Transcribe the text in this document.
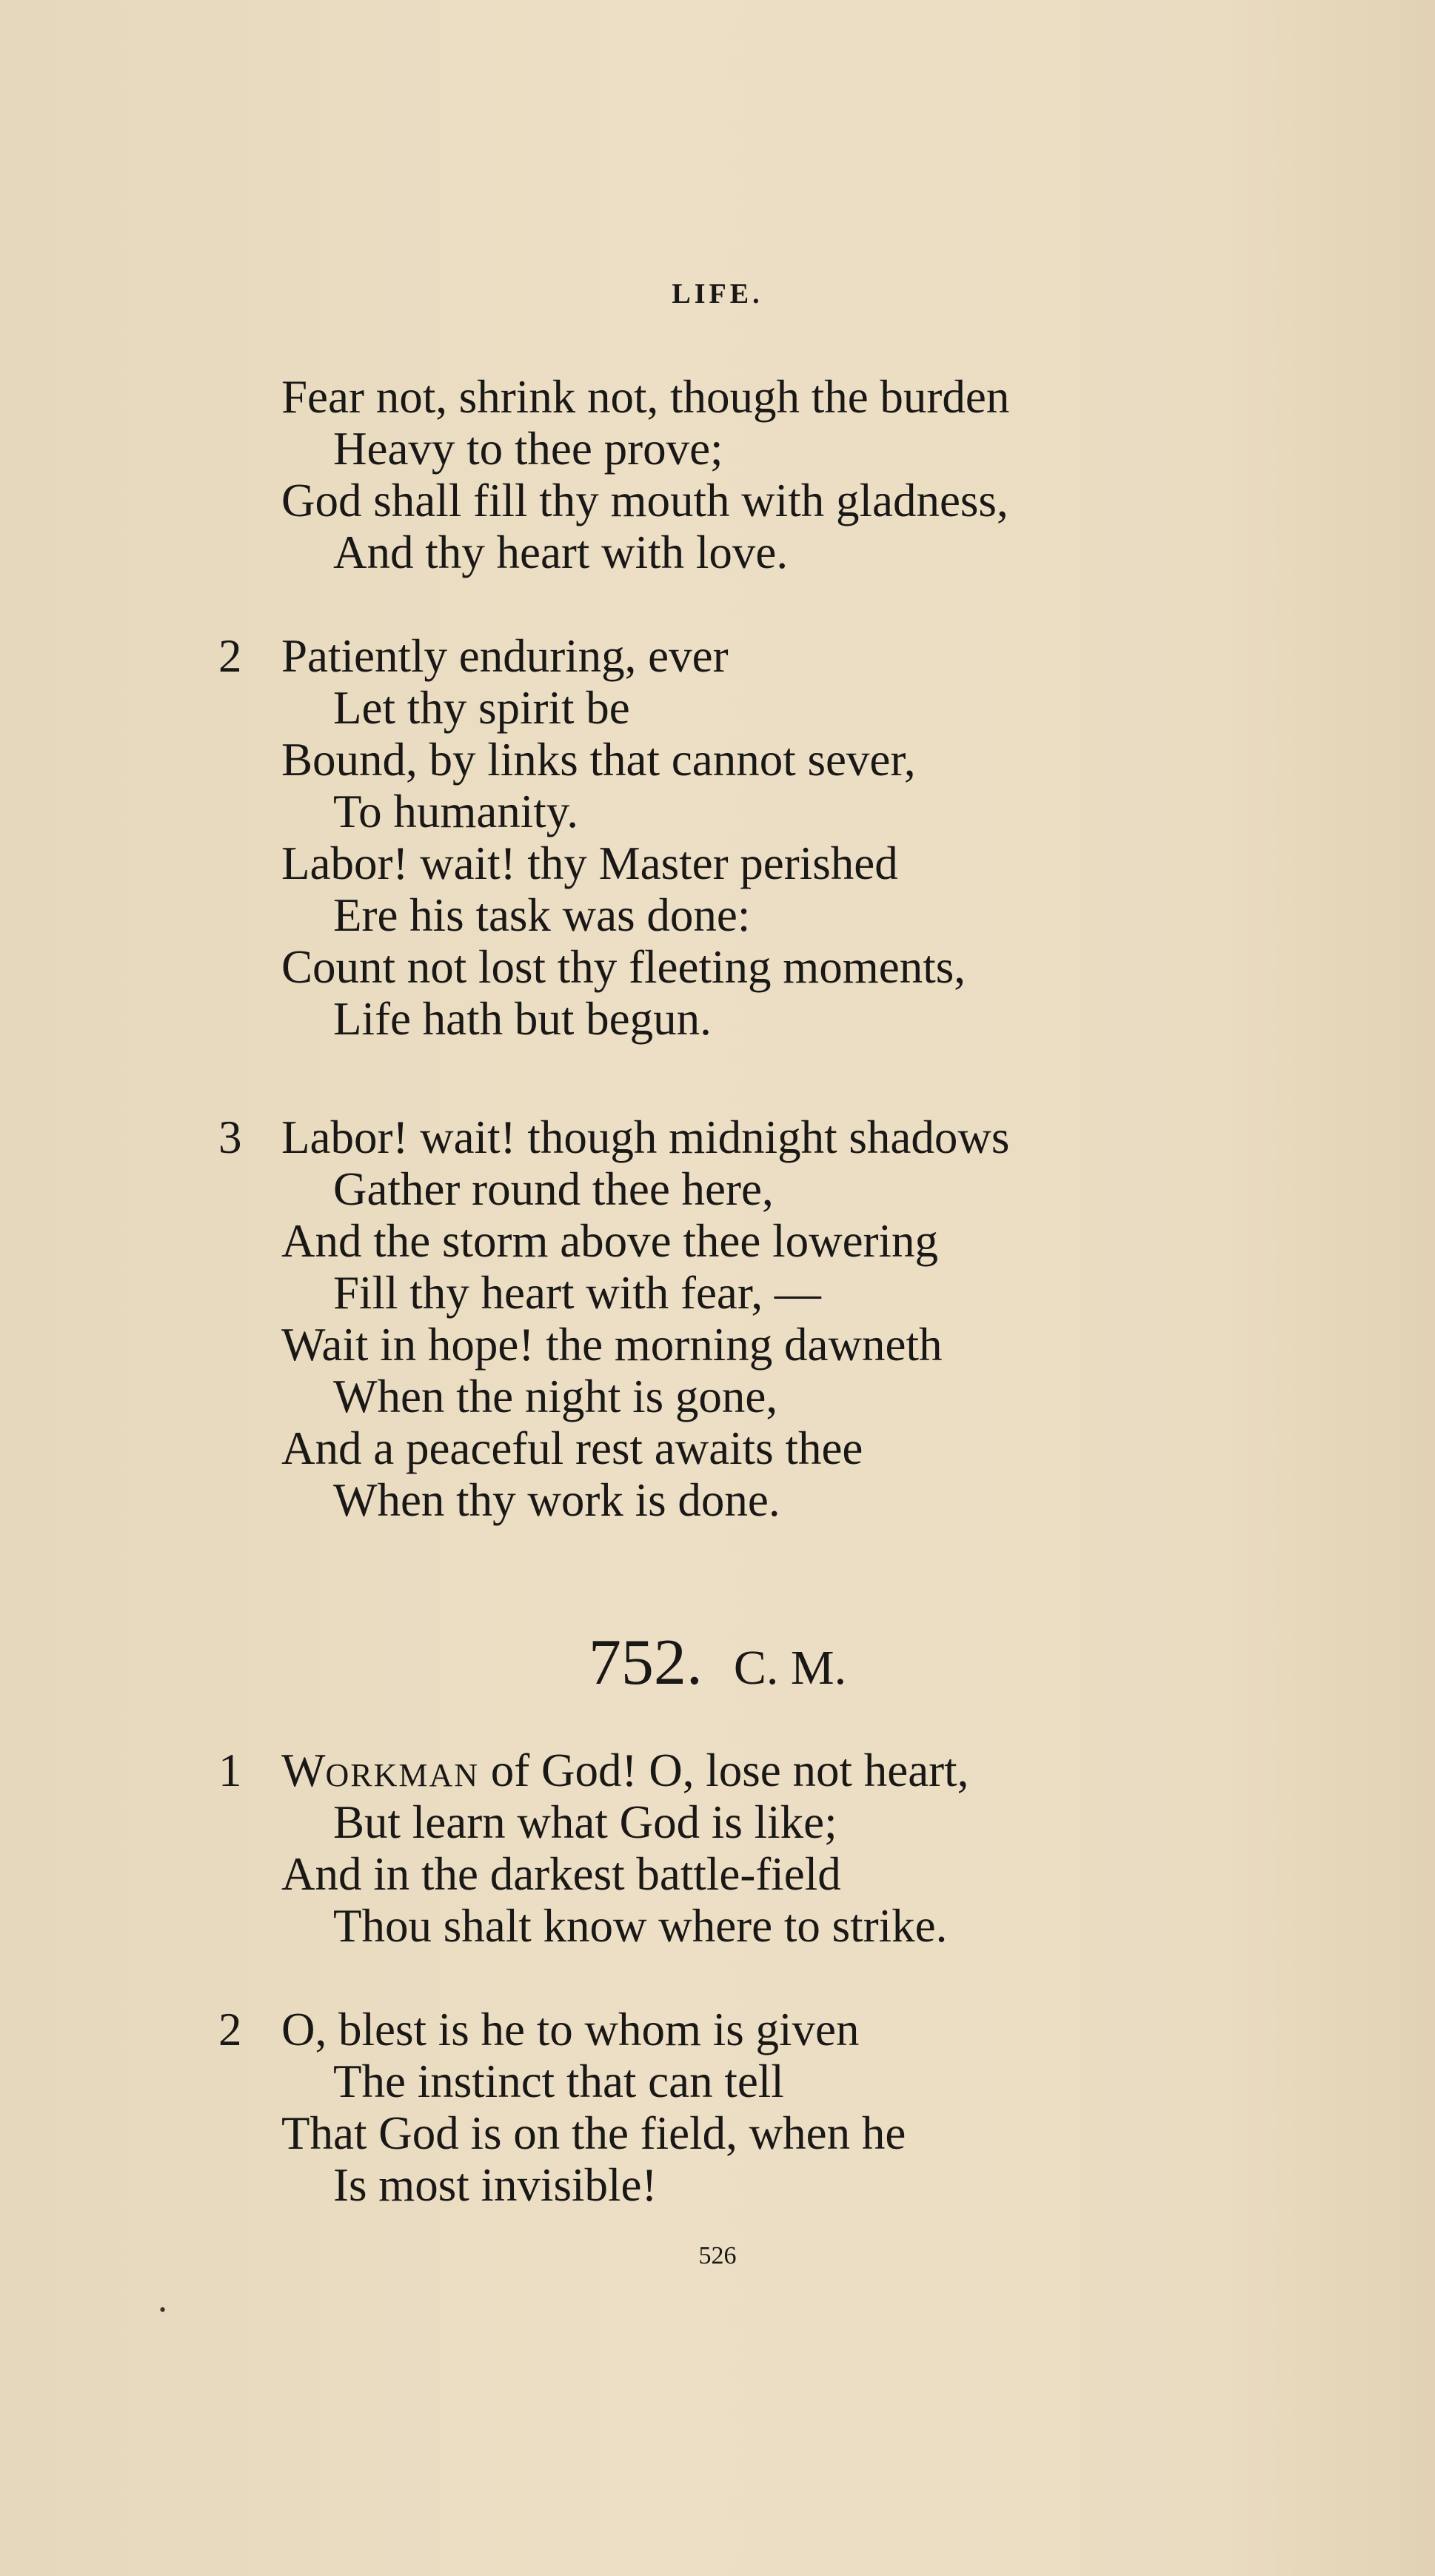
LIFE.
Fear not, shrink not, though the burden
Heavy to thee prove;
God shall fill thy mouth with gladness,
And thy heart with love.
2 Patiently enduring, ever
Let thy spirit be
Bound, by links that cannot sever,
To humanity.
Labor! wait! thy Master perished
Ere his task was done:
Count not lost thy fleeting moments,
Life hath but begun.
3 Labor! wait! though midnight shadows
Gather round thee here,
And the storm above thee lowering
Fill thy heart with fear, —
Wait in hope! the morning dawneth
When the night is gone,
And a peaceful rest awaits thee
When thy work is done.
752. C. M.
1 WORKMAN of God! O, lose not heart,
But learn what God is like;
And in the darkest battle-field
Thou shalt know where to strike.
2 O, blest is he to whom is given
The instinct that can tell
That God is on the field, when he
Is most invisible!
526
•
